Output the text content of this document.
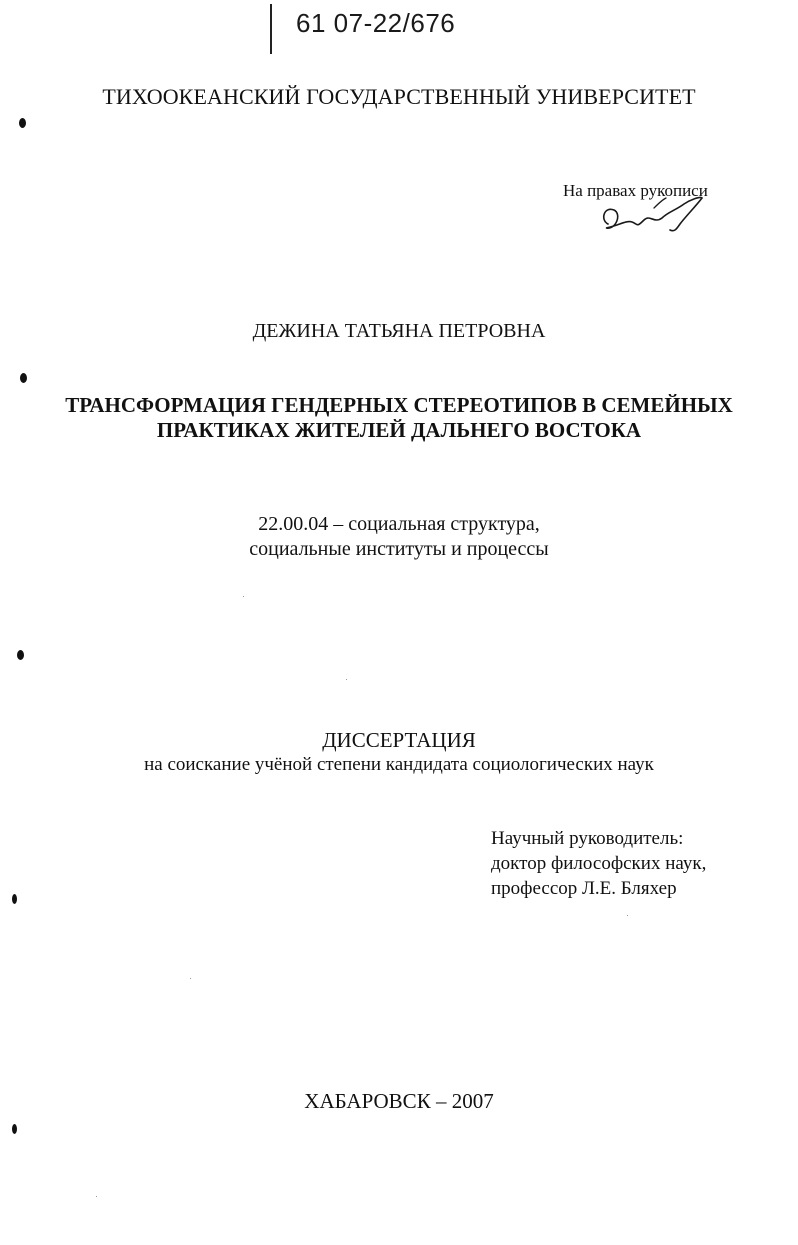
61 07-22/676
ТИХООКЕАНСКИЙ ГОСУДАРСТВЕННЫЙ УНИВЕРСИТЕТ
На правах рукописи
ДЕЖИНА ТАТЬЯНА ПЕТРОВНА
ТРАНСФОРМАЦИЯ ГЕНДЕРНЫХ СТЕРЕОТИПОВ В СЕМЕЙНЫХ
ПРАКТИКАХ ЖИТЕЛЕЙ ДАЛЬНЕГО ВОСТОКА
22.00.04 – социальная структура,
социальные институты и процессы
ДИССЕРТАЦИЯ
на соискание учёной степени кандидата социологических наук
Научный руководитель:
доктор философских наук,
профессор Л.Е. Бляхер
ХАБАРОВСК – 2007
